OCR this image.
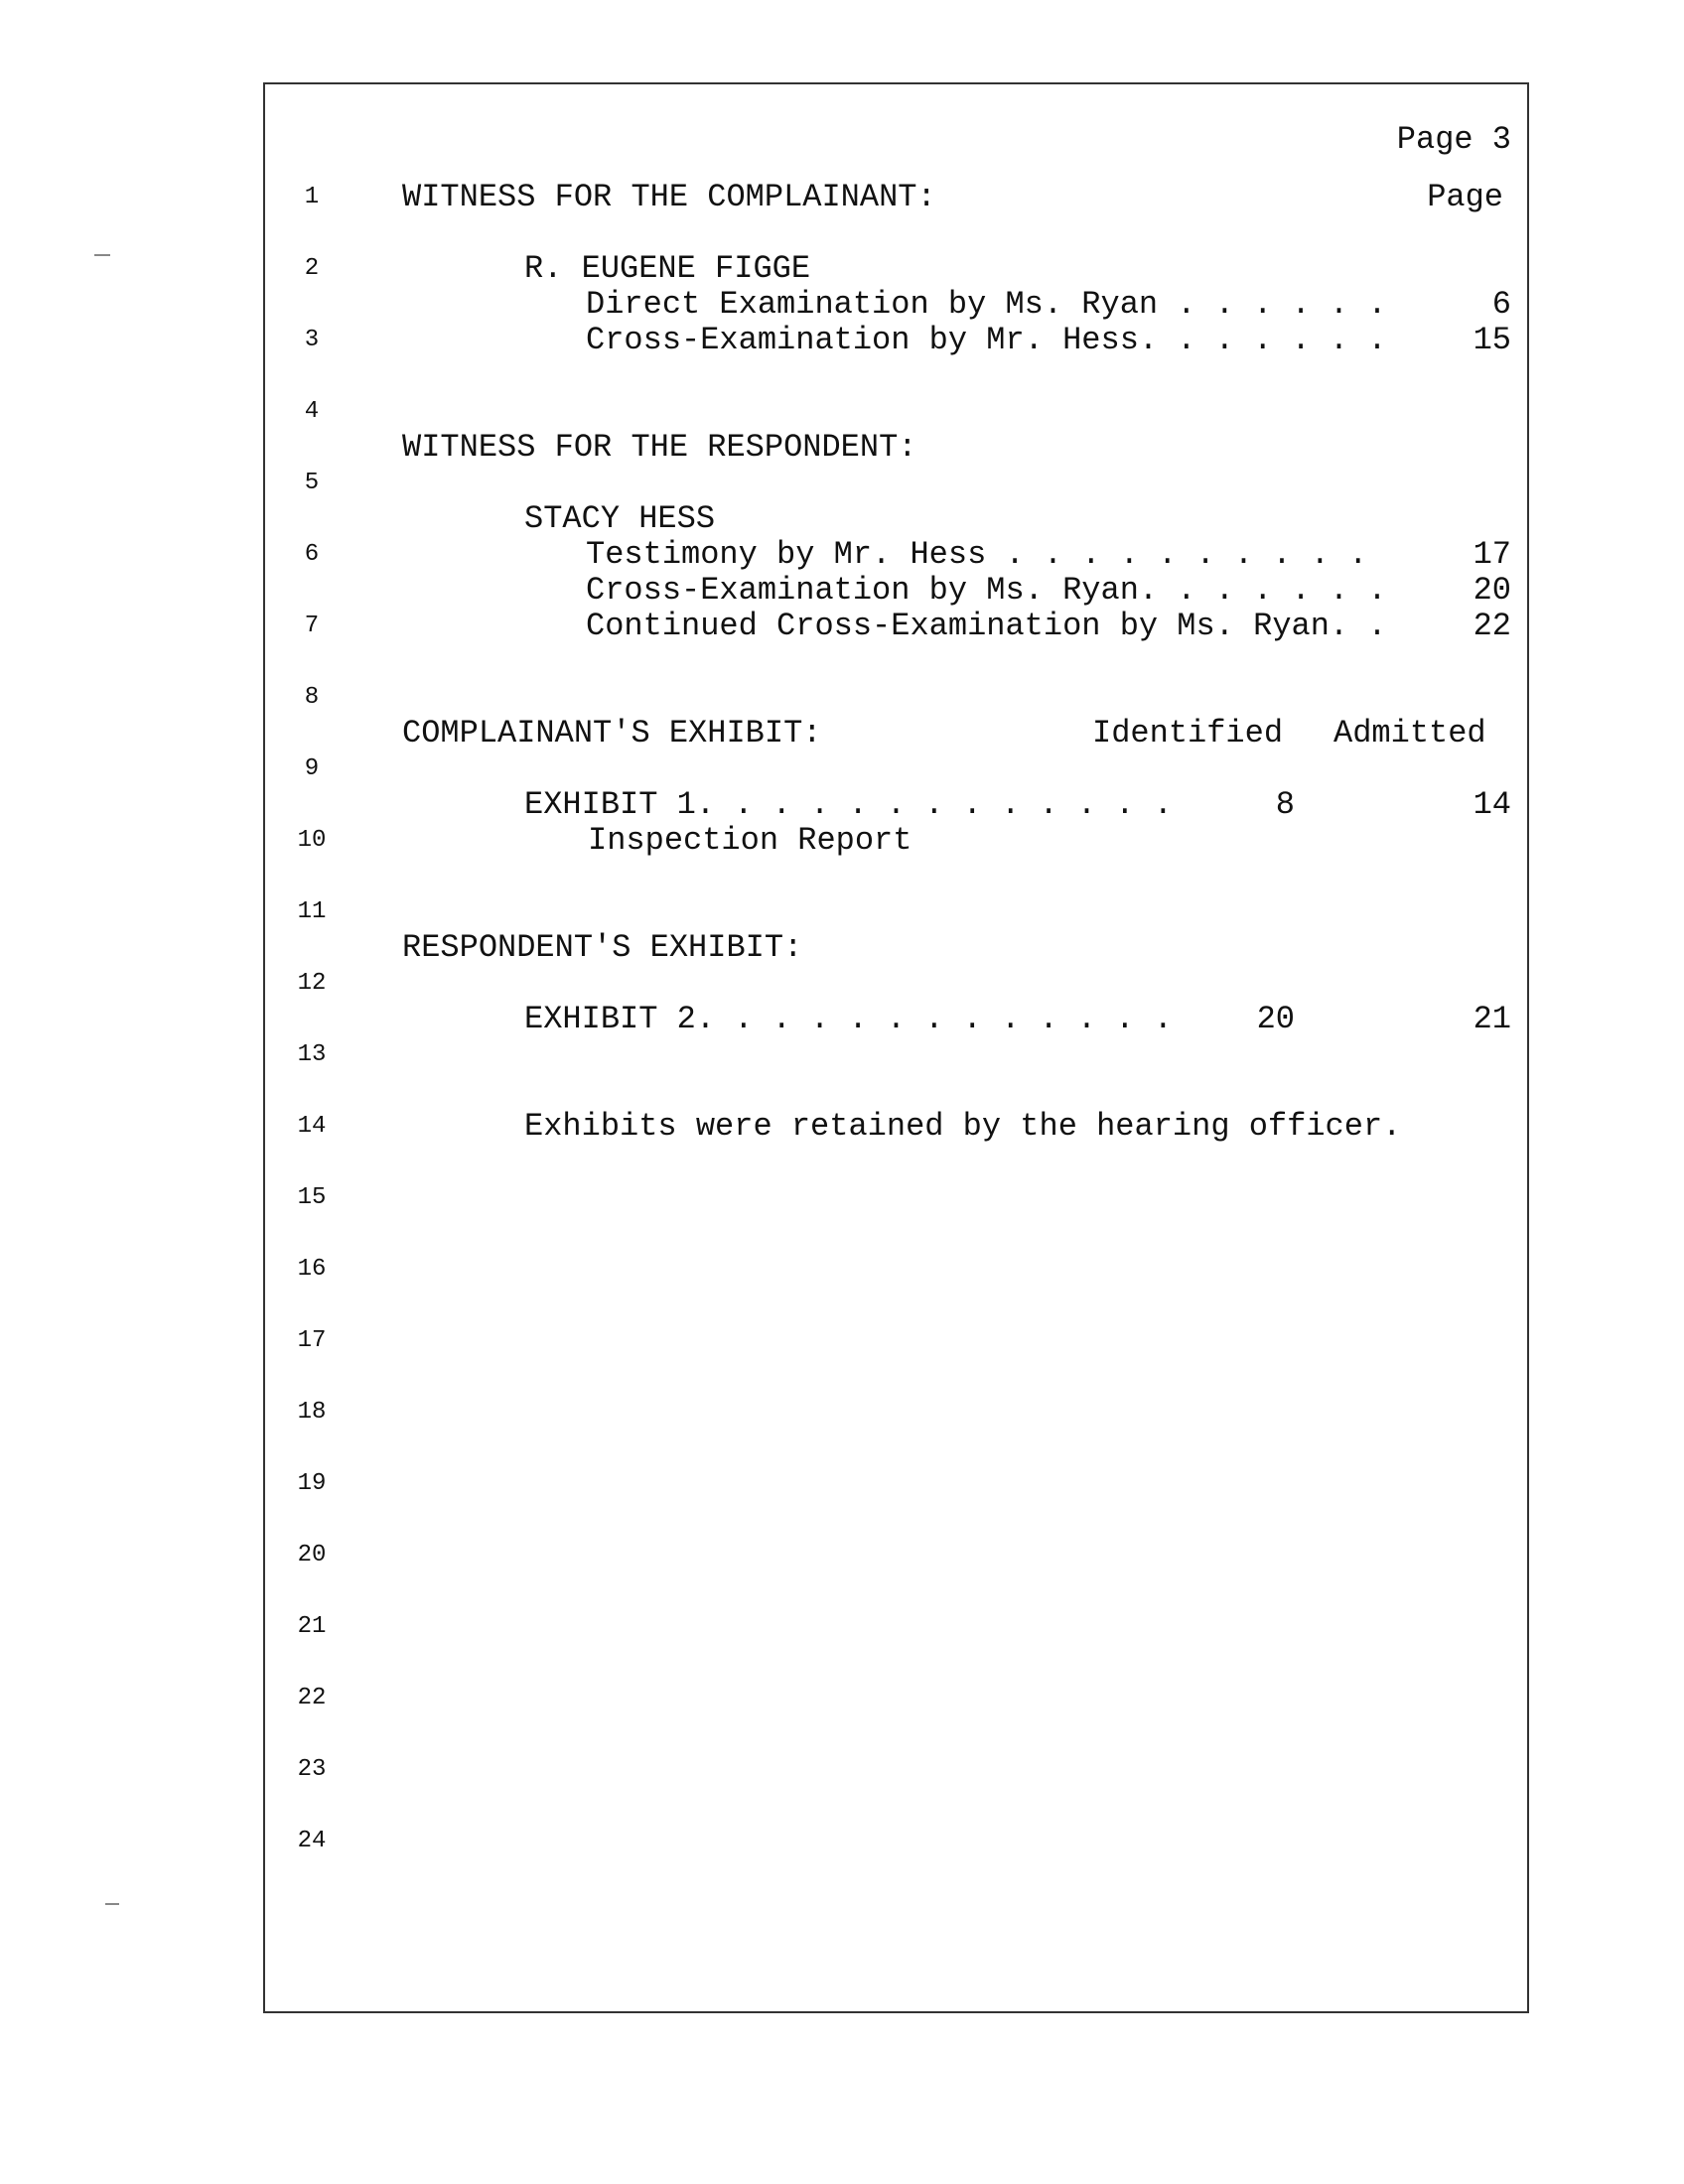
Page 3
1
2
3
4
5
6
7
8
9
10
11
12
13
14
15
16
17
18
19
20
21
22
23
24
WITNESS FOR THE COMPLAINANT:	Page
R. EUGENE FIGGE
Direct Examination by Ms. Ryan . . . . . .	6
Cross-Examination by Mr. Hess. . . . . . .	15
WITNESS FOR THE RESPONDENT:
STACY HESS
Testimony by Mr. Hess . . . . . . . . . .	17
Cross-Examination by Ms. Ryan. . . . . . .	20
Continued Cross-Examination by Ms. Ryan. .	22
COMPLAINANT'S EXHIBIT:	Identified Admitted
EXHIBIT 1. . . . . . . . . . . . .	8	14
Inspection Report
RESPONDENT'S EXHIBIT:
EXHIBIT 2. . . . . . . . . . . . .	20	21
Exhibits were retained by the hearing officer.
